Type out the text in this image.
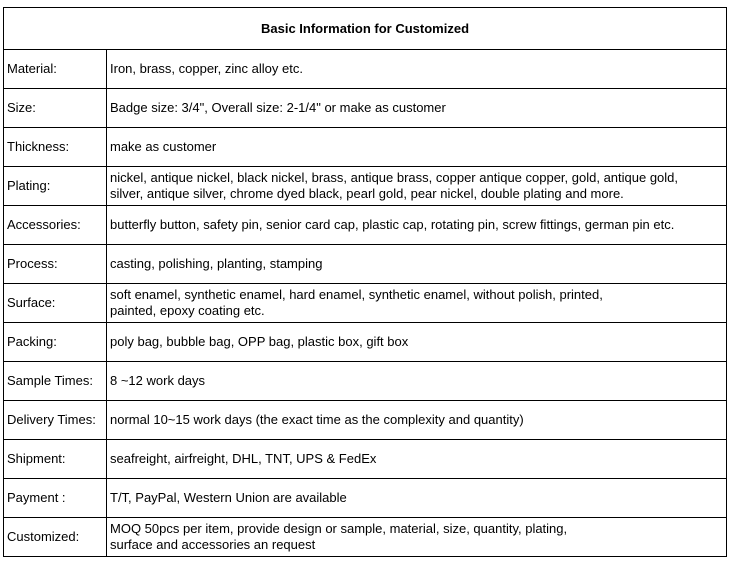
Basic Information for Customized	
Material:	Iron, brass, copper, zinc alloy etc.

Size:	Badge size: 3/4", Overall size: 2-1/4" or make as customer

Thickness:	make as customer

Plating:	nickel, antique nickel, black nickel, brass, antique brass, copper antique copper, gold, antique gold,
silver, antique silver, chrome dyed black, pearl gold, pear nickel, double plating and more.

Accessories:	butterfly button, safety pin, senior card cap, plastic cap, rotating pin, screw fittings, german pin etc.

Process:	casting, polishing, planting, stamping

Surface:	soft enamel, synthetic enamel, hard enamel, synthetic enamel, without polish, printed,
painted, epoxy coating etc.

Packing:	poly bag, bubble bag, OPP bag, plastic box, gift box

Sample Times:	8 ~12 work days

Delivery Times:	normal 10~15 work days (the exact time as the complexity and quantity)

Shipment:	seafreight, airfreight, DHL, TNT, UPS & FedEx

Payment :	T/T, PayPal, Western Union are available

Customized:	MOQ 50pcs per item, provide design or sample, material, size, quantity, plating,
surface and accessories an request
